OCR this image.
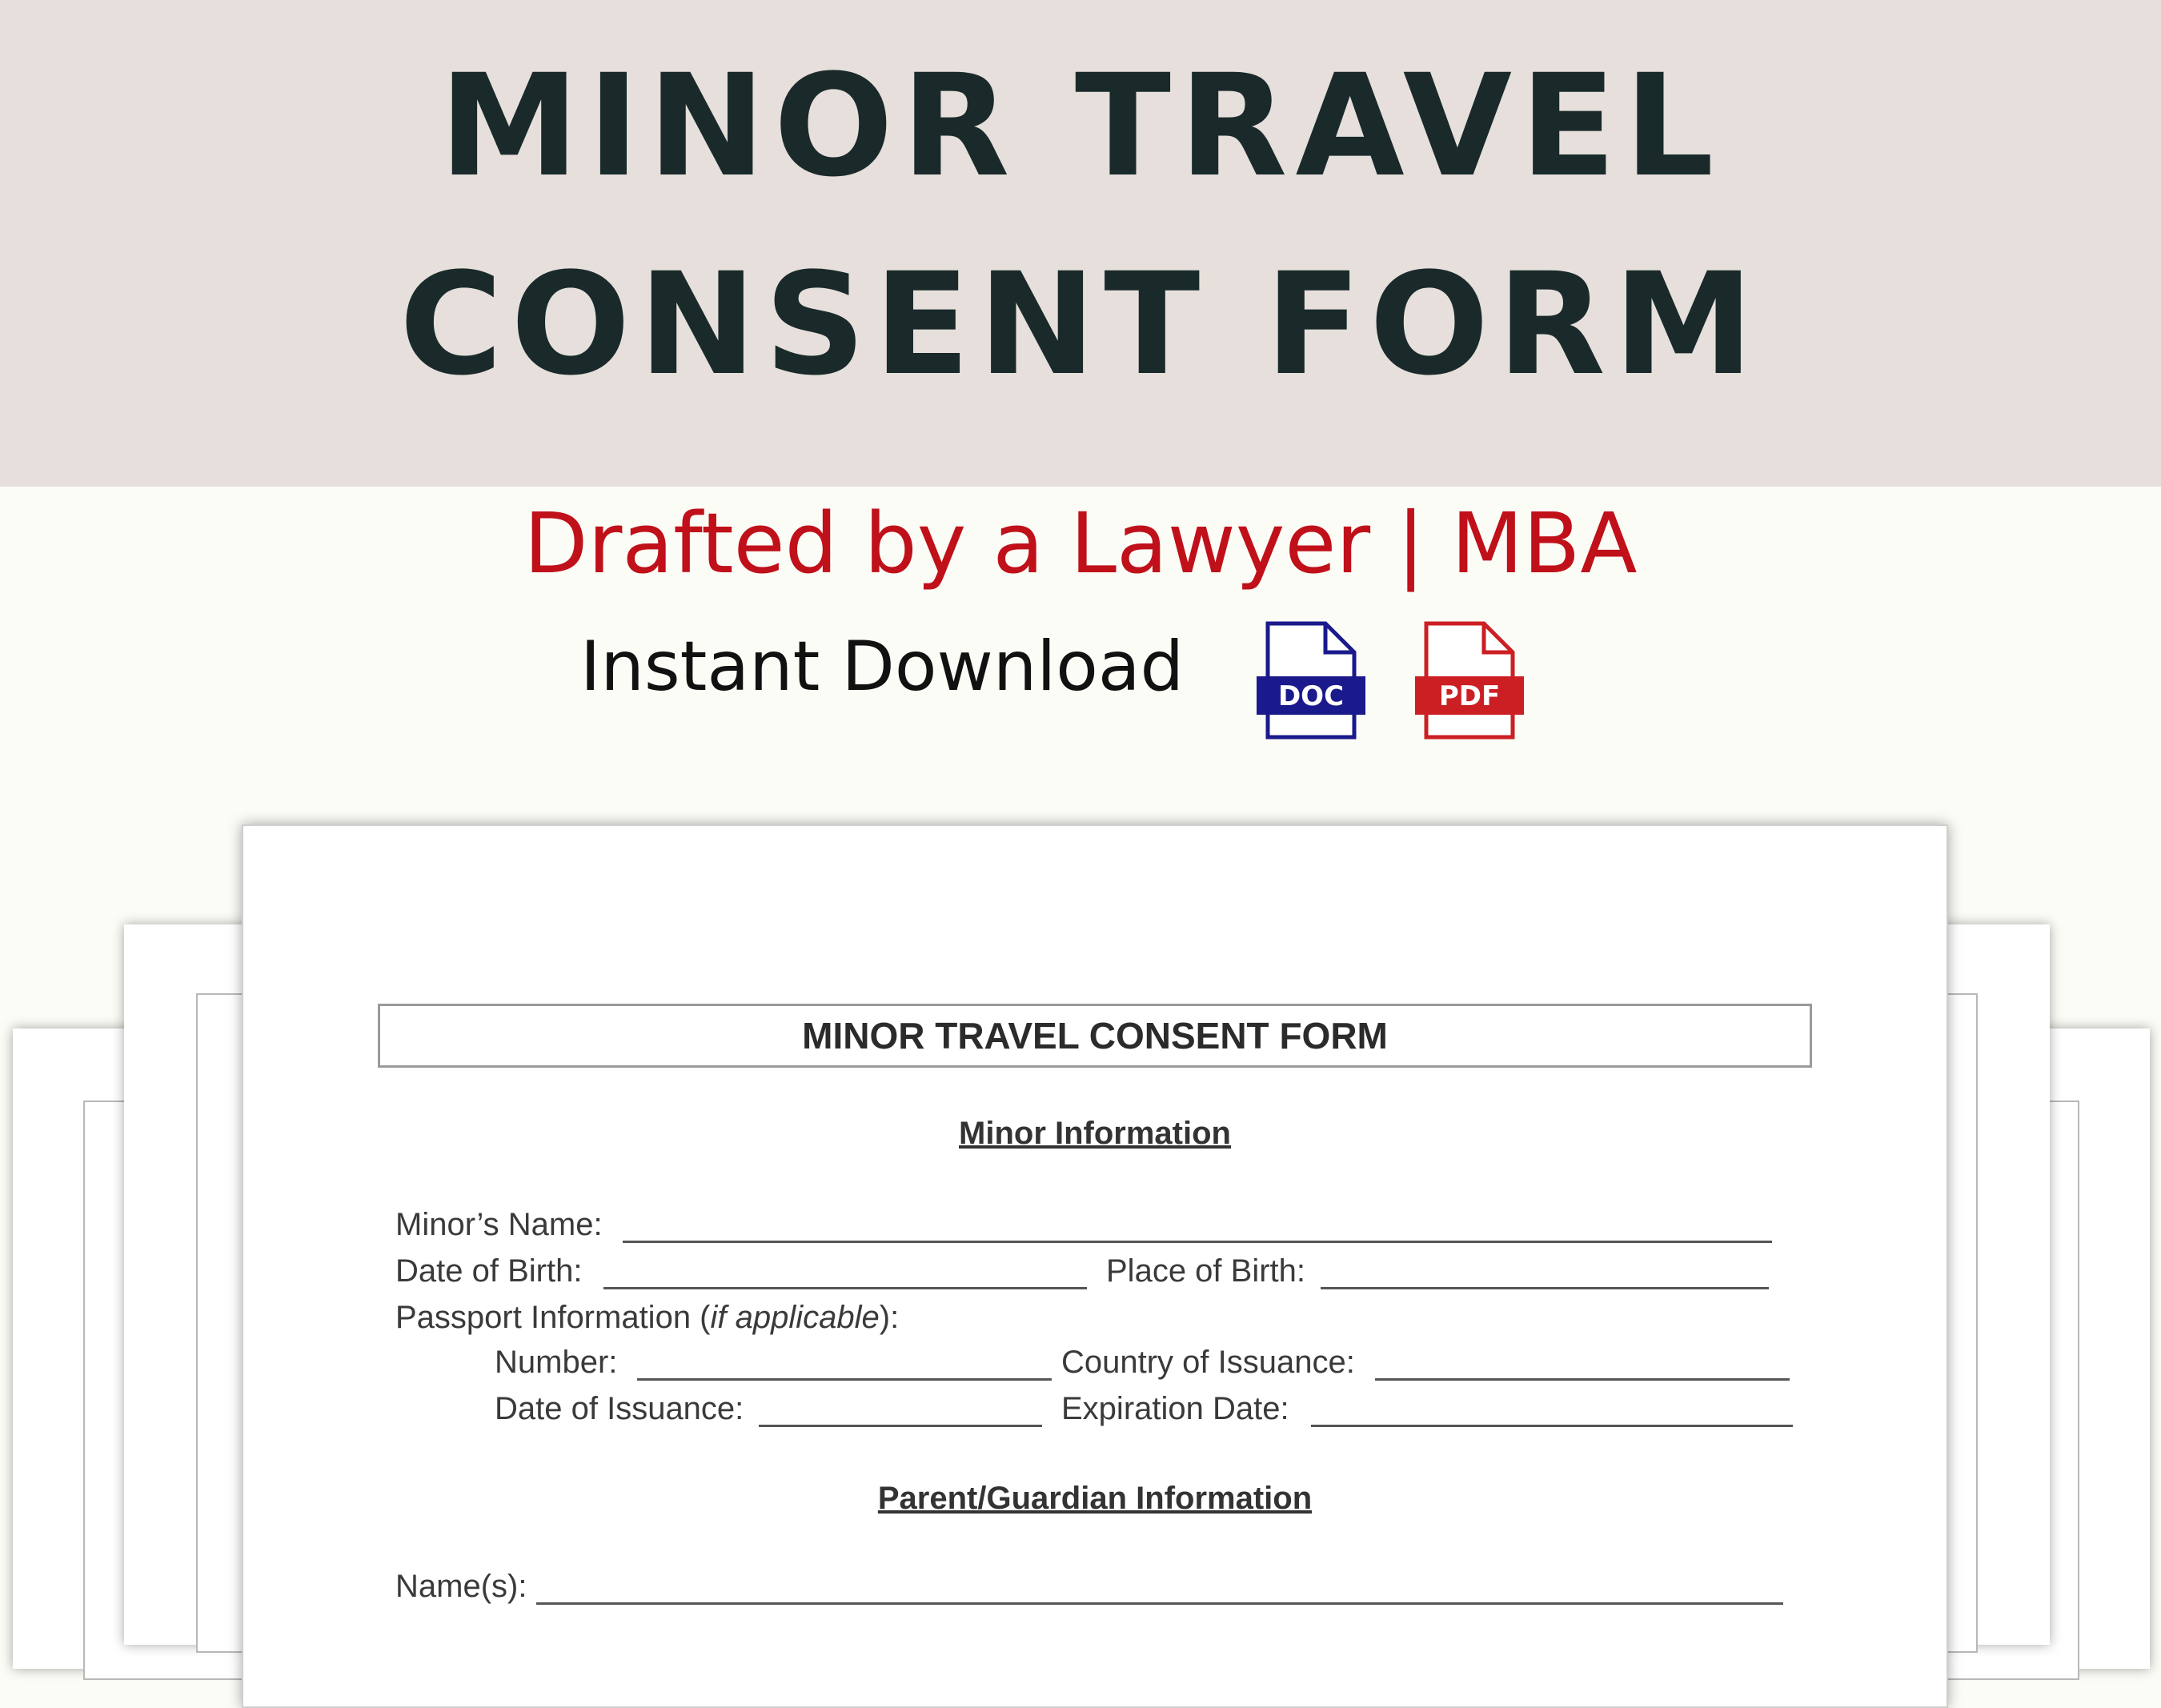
MINOR TRAVEL
CONSENT FORM
Drafted by a Lawyer | MBA
Instant Download	DOC	PDF
MINOR TRAVEL CONSENT FORM
Minor Information
Minor’s Name:
Date of Birth:	Place of Birth:
Passport Information (if applicable):
Number:	Country of Issuance:
Date of Issuance:	Expiration Date:
Parent/Guardian Information
Name(s):
